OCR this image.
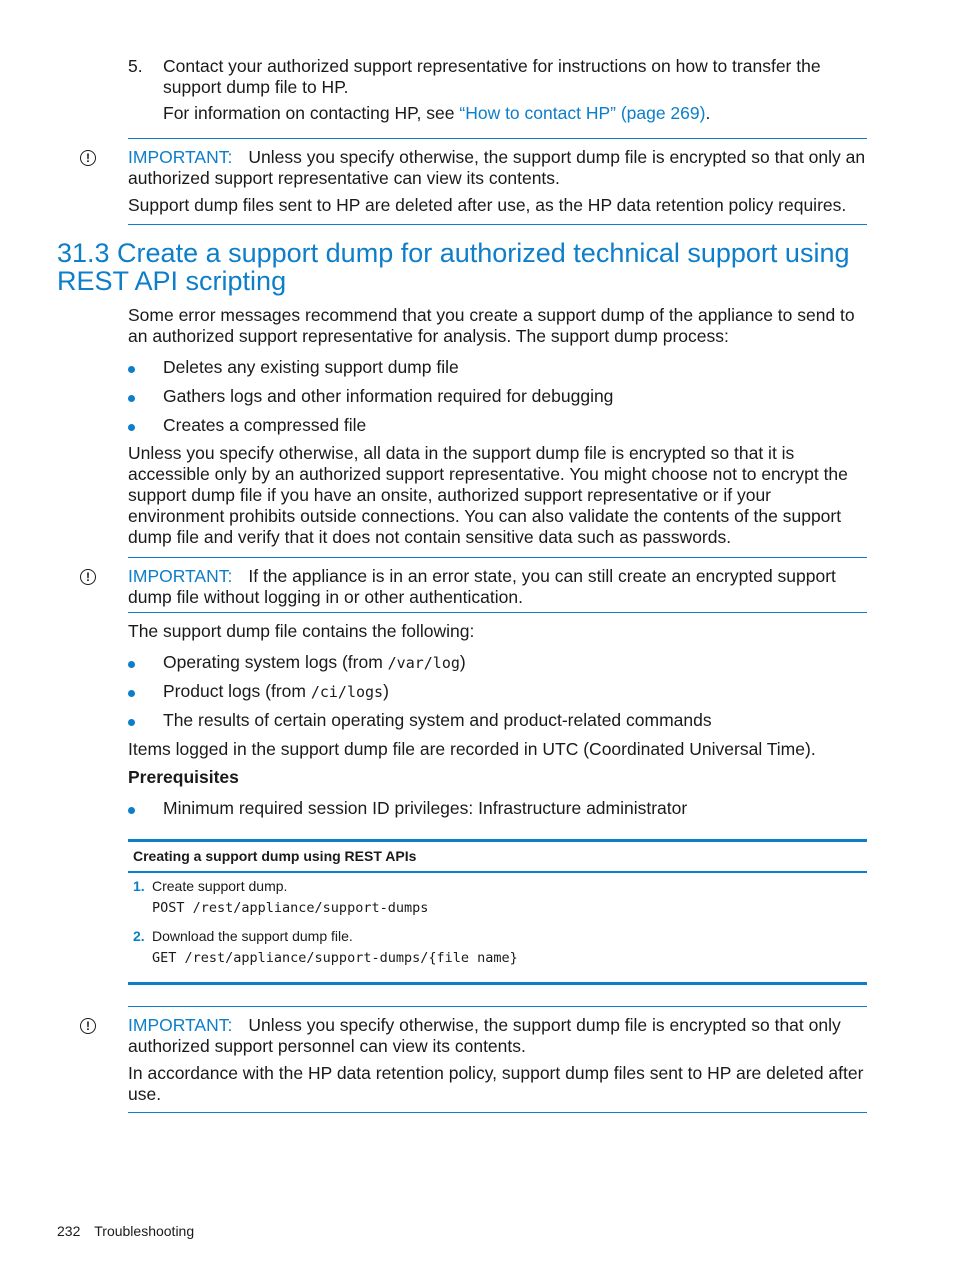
5. Contact your authorized support representative for instructions on how to transfer the support dump file to HP.
For information on contacting HP, see “How to contact HP” (page 269).
!	IMPORTANT: Unless you specify otherwise, the support dump file is encrypted so that only an authorized support representative can view its contents.
Support dump files sent to HP are deleted after use, as the HP data retention policy requires.
31.3 Create a support dump for authorized technical support using REST API scripting
Some error messages recommend that you create a support dump of the appliance to send to an authorized support representative for analysis. The support dump process:
Deletes any existing support dump file
Gathers logs and other information required for debugging
Creates a compressed file
Unless you specify otherwise, all data in the support dump file is encrypted so that it is accessible only by an authorized support representative. You might choose not to encrypt the support dump file if you have an onsite, authorized support representative or if your environment prohibits outside connections. You can also validate the contents of the support dump file and verify that it does not contain sensitive data such as passwords.
!	IMPORTANT: If the appliance is in an error state, you can still create an encrypted support dump file without logging in or other authentication.
The support dump file contains the following:
Operating system logs (from /var/log)
Product logs (from /ci/logs)
The results of certain operating system and product-related commands
Items logged in the support dump file are recorded in UTC (Coordinated Universal Time).
Prerequisites
Minimum required session ID privileges: Infrastructure administrator
Creating a support dump using REST APIs
1. Create support dump.
POST /rest/appliance/support-dumps
2. Download the support dump file.
GET /rest/appliance/support-dumps/{file name}
!	IMPORTANT: Unless you specify otherwise, the support dump file is encrypted so that only authorized support personnel can view its contents.
In accordance with the HP data retention policy, support dump files sent to HP are deleted after use.
232 Troubleshooting
